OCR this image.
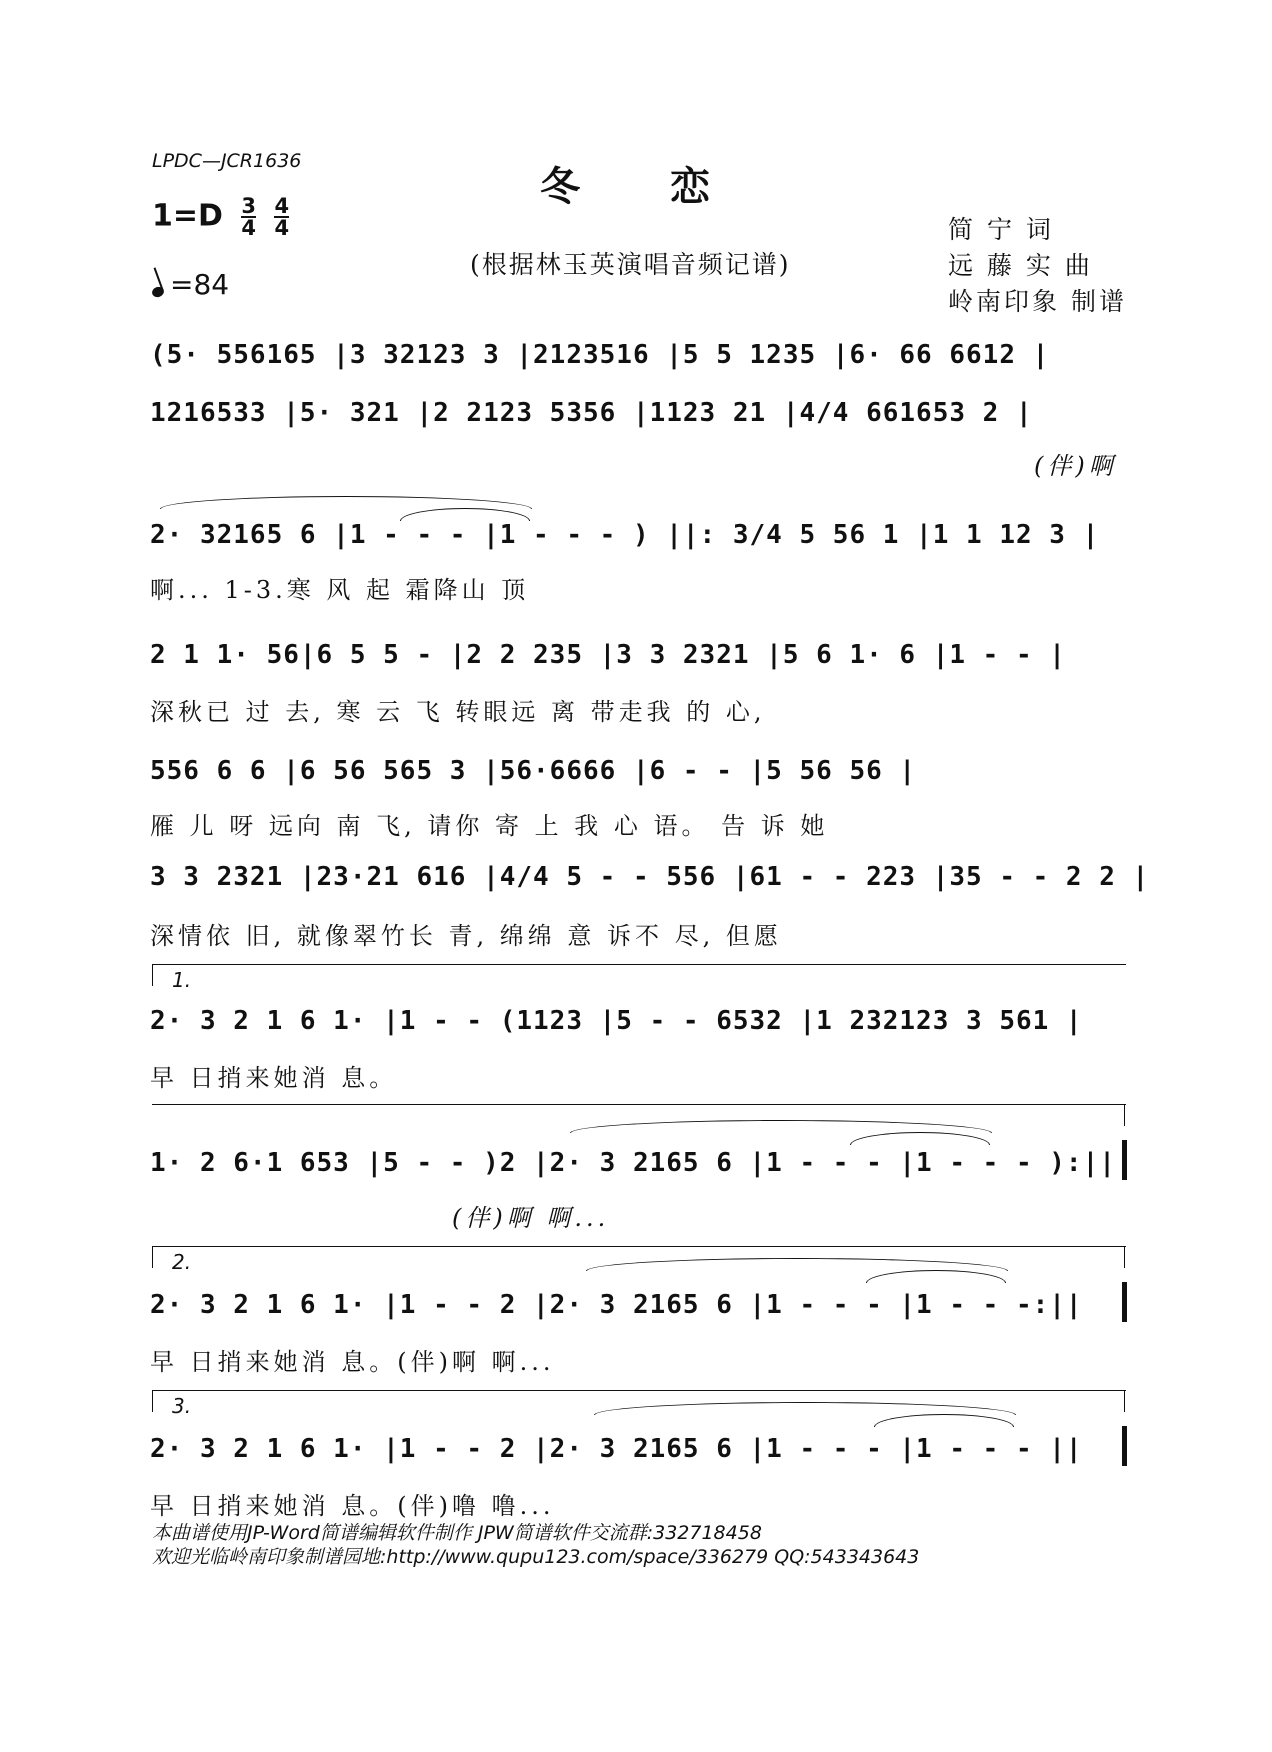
LPDC—JCR1636
冬恋
(根据林玉英演唱音频记谱)
$1=D \frac{3}{4}$
$\frac{4}{4}$
=84
简 宁 词
远 藤 实 曲
岭南印象 制谱
(5· 556165 |3 32123 3 |2123516 |5 5 1235 |6· 66 6612 |
1216533 |5· 321 |2 2123 5356 |1123 21 |4/4 661653 2 |
(伴)啊
2· 32165 6 |1 - - - |1 - - - ) ||: 3/4 5 56 1 |1 1 12 3 |
啊... 1-3.寒 风 起 霜降山 顶
2 1 1· 56|6 5 5 - |2 2 235 |3 3 2321 |5 6 1· 6 |1 - - |
深秋已 过 去, 寒 云 飞 转眼远 离 带走我 的 心,
556 6 6 |6 56 565 3 |56·6666 |6 - - |5 56 56 |
雁 儿 呀 远向 南 飞, 请你 寄 上 我 心 语。 告 诉 她
3 3 2321 |23·21 616 |4/4 5 - - 556 |61 - - 223 |35 - - 2 2 |
深情依 旧, 就像翠竹长 青, 绵绵 意 诉不 尽, 但愿
1.
2· 3 2 1 6 1· |1 - - (1123 |5 - - 6532 |1 232123 3 561 |
早 日捎来她消 息。
1· 2 6·1 653 |5 - - )2 |2· 3 2165 6 |1 - - - |1 - - - ):||
(伴)啊 啊...
2.
2· 3 2 1 6 1· |1 - - 2 |2· 3 2165 6 |1 - - - |1 - - -:||
早 日捎来她消 息。(伴)啊 啊...
3.
2· 3 2 1 6 1· |1 - - 2 |2· 3 2165 6 |1 - - - |1 - - - ||
早 日捎来她消 息。(伴)噜 噜...
本曲谱使用JP-Word简谱编辑软件制作 JPW简谱软件交流群:332718458
欢迎光临岭南印象制谱园地:http://www.qupu123.com/space/336279 QQ:543343643
